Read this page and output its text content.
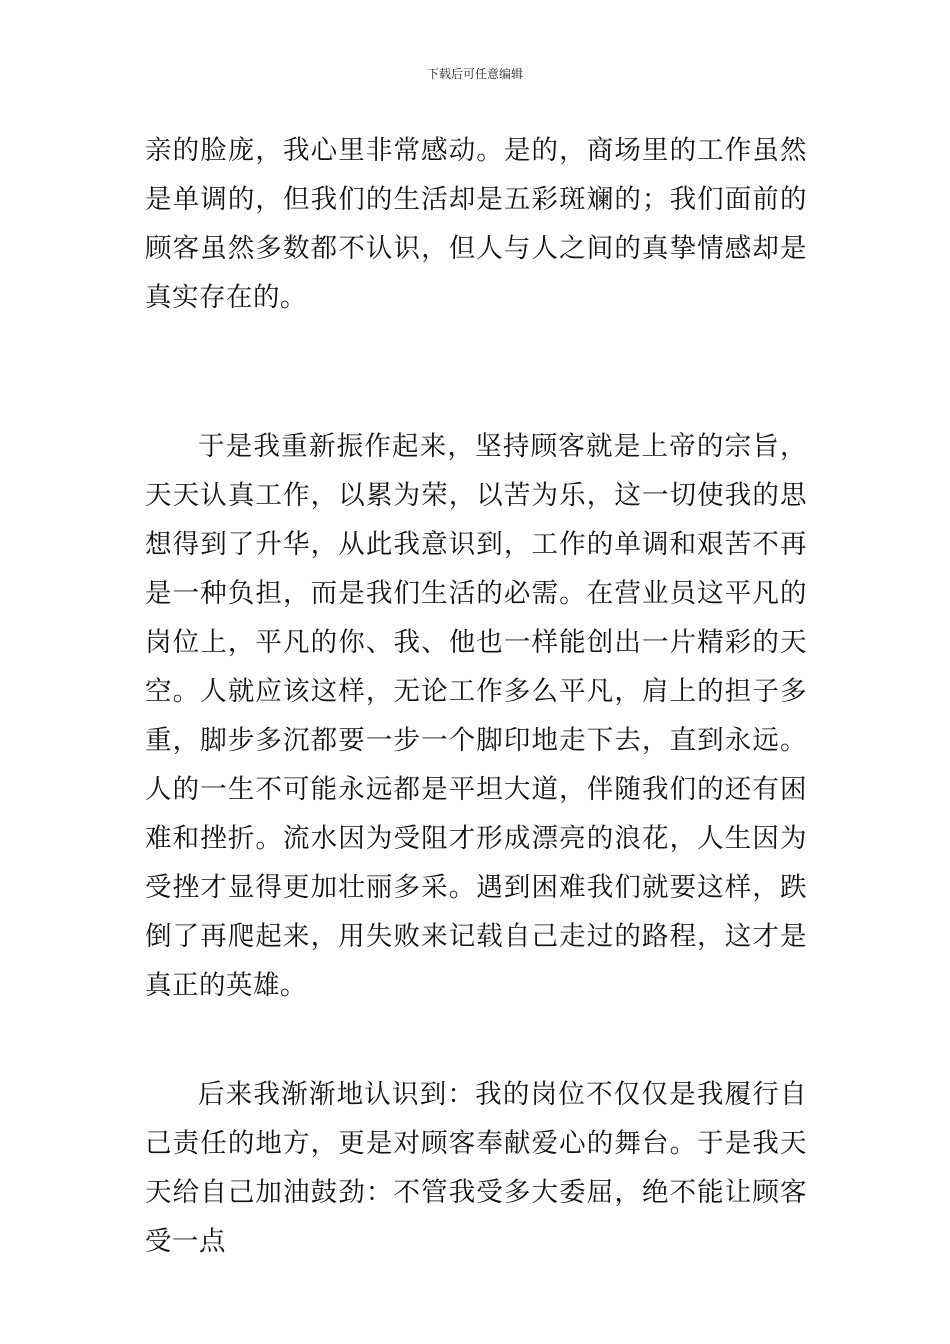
下载后可任意编辑

亲的脸庞，我心里非常感动。是的，商场里的工作虽然是单调的，但我们的生活却是五彩斑斓的；我们面前的顾客虽然多数都不认识，但人与人之间的真挚情感却是真实存在的。

于是我重新振作起来，坚持顾客就是上帝的宗旨，天天认真工作，以累为荣，以苦为乐，这一切使我的思想得到了升华，从此我意识到，工作的单调和艰苦不再是一种负担，而是我们生活的必需。在营业员这平凡的岗位上，平凡的你、我、他也一样能创出一片精彩的天空。人就应该这样，无论工作多么平凡，肩上的担子多重，脚步多沉都要一步一个脚印地走下去，直到永远。人的一生不可能永远都是平坦大道，伴随我们的还有困难和挫折。流水因为受阻才形成漂亮的浪花，人生因为受挫才显得更加壮丽多采。遇到困难我们就要这样，跌倒了再爬起来，用失败来记载自己走过的路程，这才是真正的英雄。

后来我渐渐地认识到：我的岗位不仅仅是我履行自己责任的地方，更是对顾客奉献爱心的舞台。于是我天天给自己加油鼓劲：不管我受多大委屈，绝不能让顾客受一点
